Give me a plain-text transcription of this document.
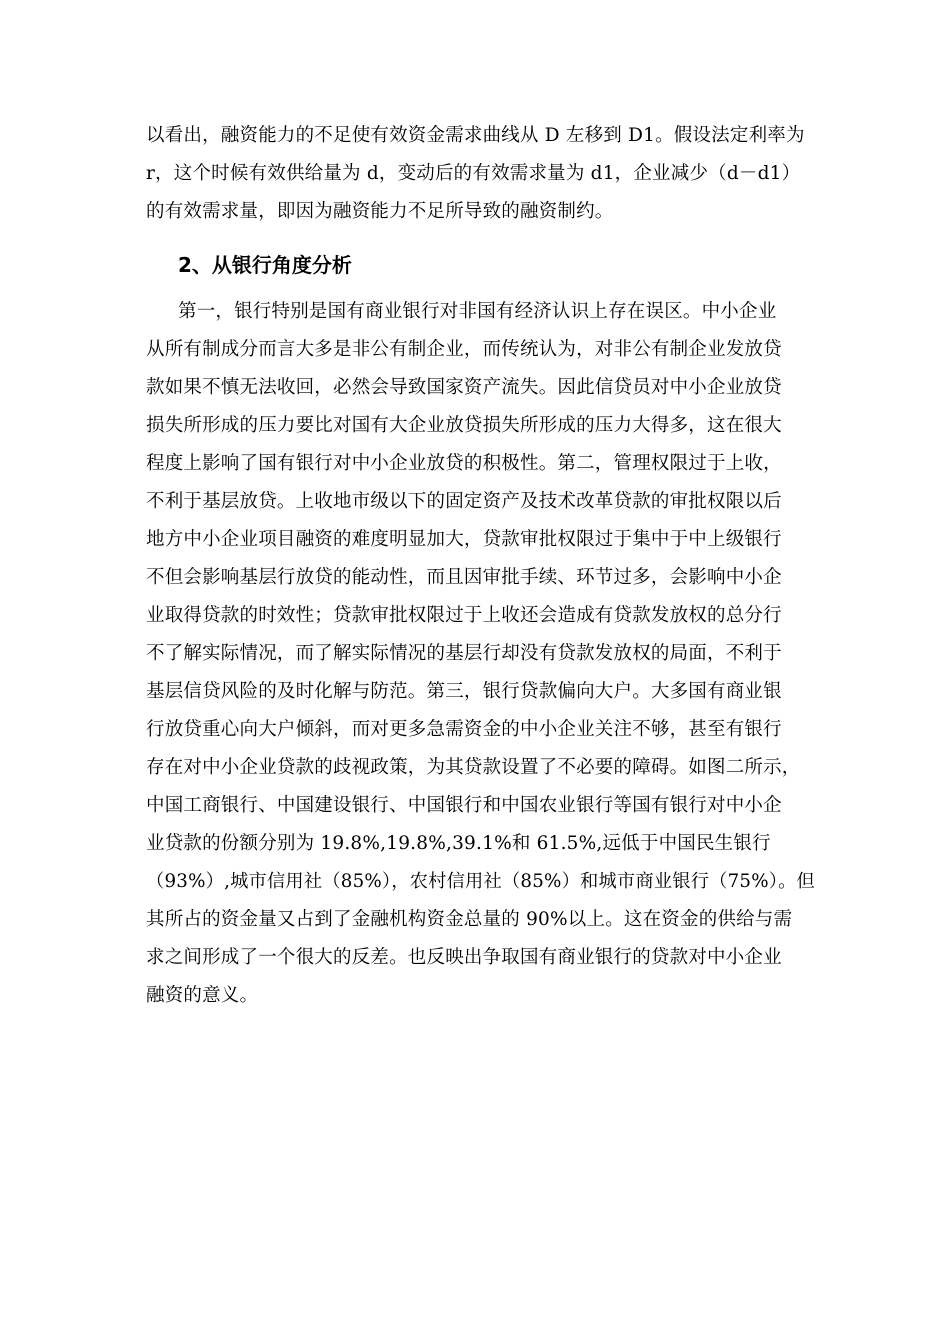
以看出，融资能力的不足使有效资金需求曲线从 D 左移到 D1。假设法定利率为
r，这个时候有效供给量为 d，变动后的有效需求量为 d1，企业减少（d－d1）
的有效需求量，即因为融资能力不足所导致的融资制约。
2、从银行角度分析
第一，银行特别是国有商业银行对非国有经济认识上存在误区。中小企业
从所有制成分而言大多是非公有制企业，而传统认为，对非公有制企业发放贷
款如果不慎无法收回，必然会导致国家资产流失。因此信贷员对中小企业放贷
损失所形成的压力要比对国有大企业放贷损失所形成的压力大得多，这在很大
程度上影响了国有银行对中小企业放贷的积极性。第二，管理权限过于上收，
不利于基层放贷。上收地市级以下的固定资产及技术改革贷款的审批权限以后
地方中小企业项目融资的难度明显加大，贷款审批权限过于集中于中上级银行
不但会影响基层行放贷的能动性，而且因审批手续、环节过多，会影响中小企
业取得贷款的时效性；贷款审批权限过于上收还会造成有贷款发放权的总分行
不了解实际情况，而了解实际情况的基层行却没有贷款发放权的局面，不利于
基层信贷风险的及时化解与防范。第三，银行贷款偏向大户。大多国有商业银
行放贷重心向大户倾斜，而对更多急需资金的中小企业关注不够，甚至有银行
存在对中小企业贷款的歧视政策，为其贷款设置了不必要的障碍。如图二所示，
中国工商银行、中国建设银行、中国银行和中国农业银行等国有银行对中小企
业贷款的份额分别为 19.8%,19.8%,39.1%和 61.5%,远低于中国民生银行
（93%）,城市信用社（85%），农村信用社（85%）和城市商业银行（75%）。但
其所占的资金量又占到了金融机构资金总量的 90%以上。这在资金的供给与需
求之间形成了一个很大的反差。也反映出争取国有商业银行的贷款对中小企业
融资的意义。
